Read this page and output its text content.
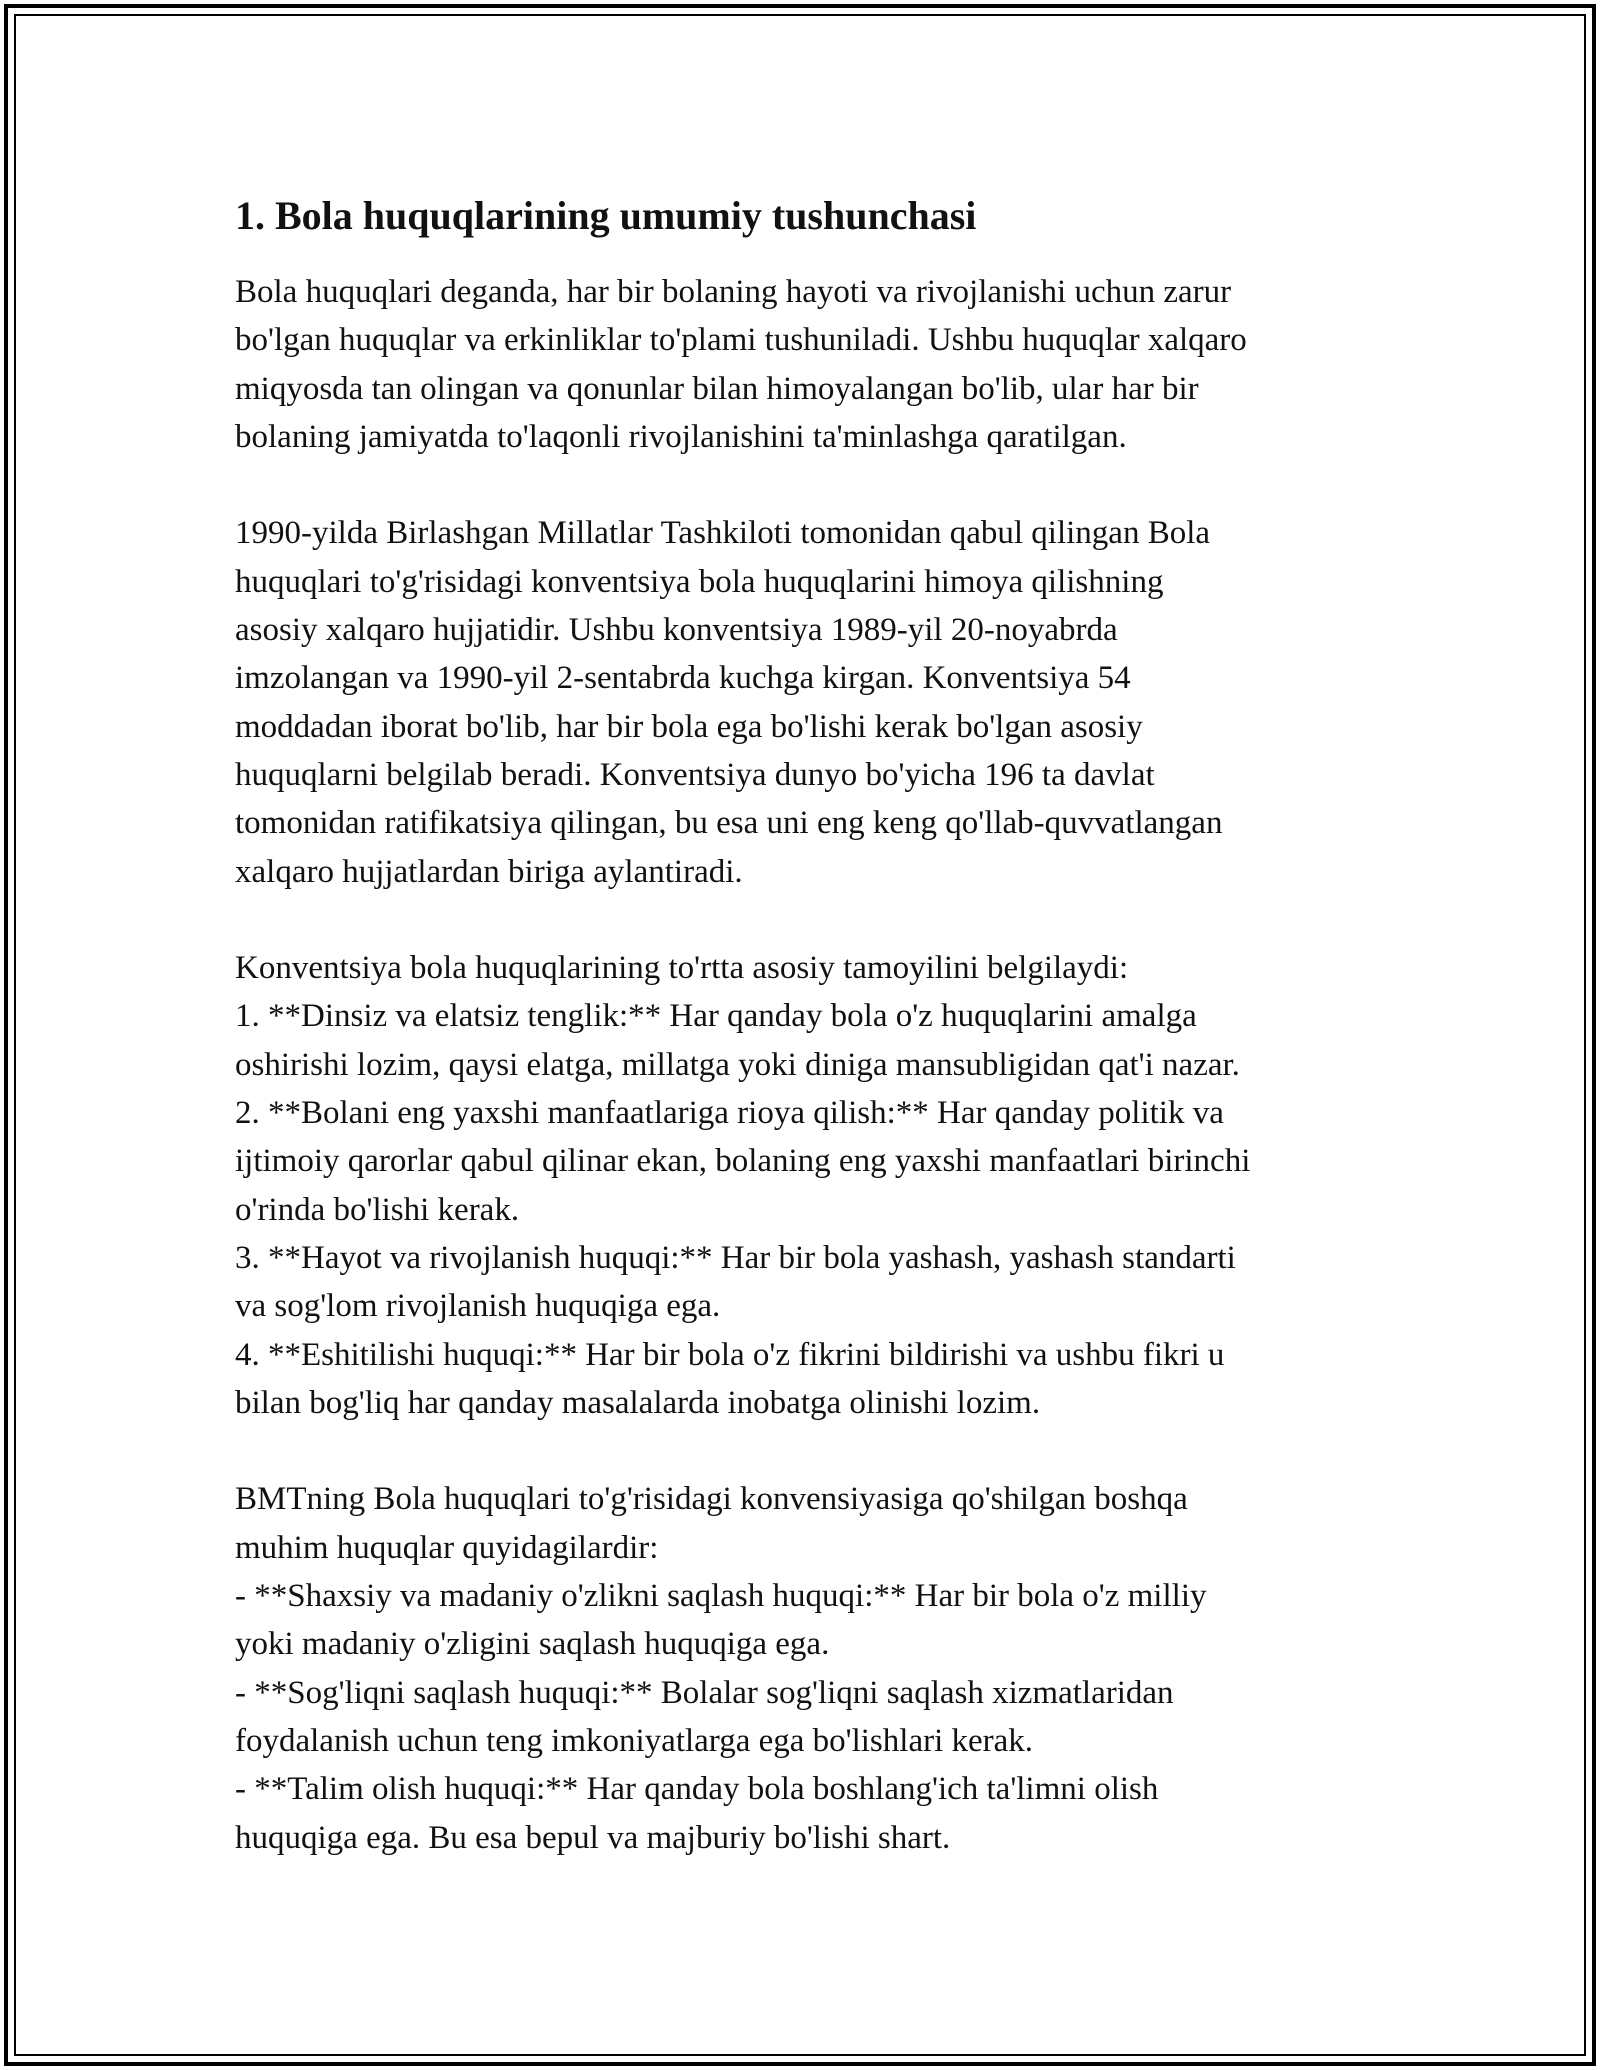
1. Bola huquqlarining umumiy tushunchasi
Bola huquqlari deganda, har bir bolaning hayoti va rivojlanishi uchun zarur
bo'lgan huquqlar va erkinliklar to'plami tushuniladi. Ushbu huquqlar xalqaro
miqyosda tan olingan va qonunlar bilan himoyalangan bo'lib, ular har bir
bolaning jamiyatda to'laqonli rivojlanishini ta'minlashga qaratilgan.
1990-yilda Birlashgan Millatlar Tashkiloti tomonidan qabul qilingan Bola
huquqlari to'g'risidagi konventsiya bola huquqlarini himoya qilishning
asosiy xalqaro hujjatidir. Ushbu konventsiya 1989-yil 20-noyabrda
imzolangan va 1990-yil 2-sentabrda kuchga kirgan. Konventsiya 54
moddadan iborat bo'lib, har bir bola ega bo'lishi kerak bo'lgan asosiy
huquqlarni belgilab beradi. Konventsiya dunyo bo'yicha 196 ta davlat
tomonidan ratifikatsiya qilingan, bu esa uni eng keng qo'llab-quvvatlangan
xalqaro hujjatlardan biriga aylantiradi.
Konventsiya bola huquqlarining to'rtta asosiy tamoyilini belgilaydi:
1. **Dinsiz va elatsiz tenglik:** Har qanday bola o'z huquqlarini amalga
oshirishi lozim, qaysi elatga, millatga yoki diniga mansubligidan qat'i nazar.
2. **Bolani eng yaxshi manfaatlariga rioya qilish:** Har qanday politik va
ijtimoiy qarorlar qabul qilinar ekan, bolaning eng yaxshi manfaatlari birinchi
o'rinda bo'lishi kerak.
3. **Hayot va rivojlanish huquqi:** Har bir bola yashash, yashash standarti
va sog'lom rivojlanish huquqiga ega.
4. **Eshitilishi huquqi:** Har bir bola o'z fikrini bildirishi va ushbu fikri u
bilan bog'liq har qanday masalalarda inobatga olinishi lozim.
BMTning Bola huquqlari to'g'risidagi konvensiyasiga qo'shilgan boshqa
muhim huquqlar quyidagilardir:
- **Shaxsiy va madaniy o'zlikni saqlash huquqi:** Har bir bola o'z milliy
yoki madaniy o'zligini saqlash huquqiga ega.
- **Sog'liqni saqlash huquqi:** Bolalar sog'liqni saqlash xizmatlaridan
foydalanish uchun teng imkoniyatlarga ega bo'lishlari kerak.
- **Talim olish huquqi:** Har qanday bola boshlang'ich ta'limni olish
huquqiga ega. Bu esa bepul va majburiy bo'lishi shart.
